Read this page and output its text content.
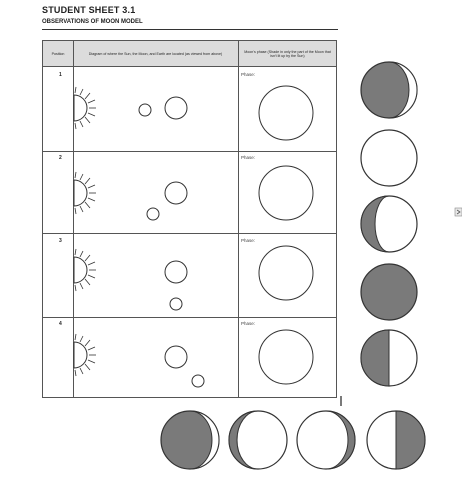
STUDENT SHEET 3.1
OBSERVATIONS OF MOON MODEL
Position	Diagram of where the Sun, the Moon, and Earth are located (as viewed from above)
Moon's phase (Shade in only the part of the Moon that isn't lit up by the Sun)
1
2
3
4
Phase:
Phase:
Phase:
Phase:
